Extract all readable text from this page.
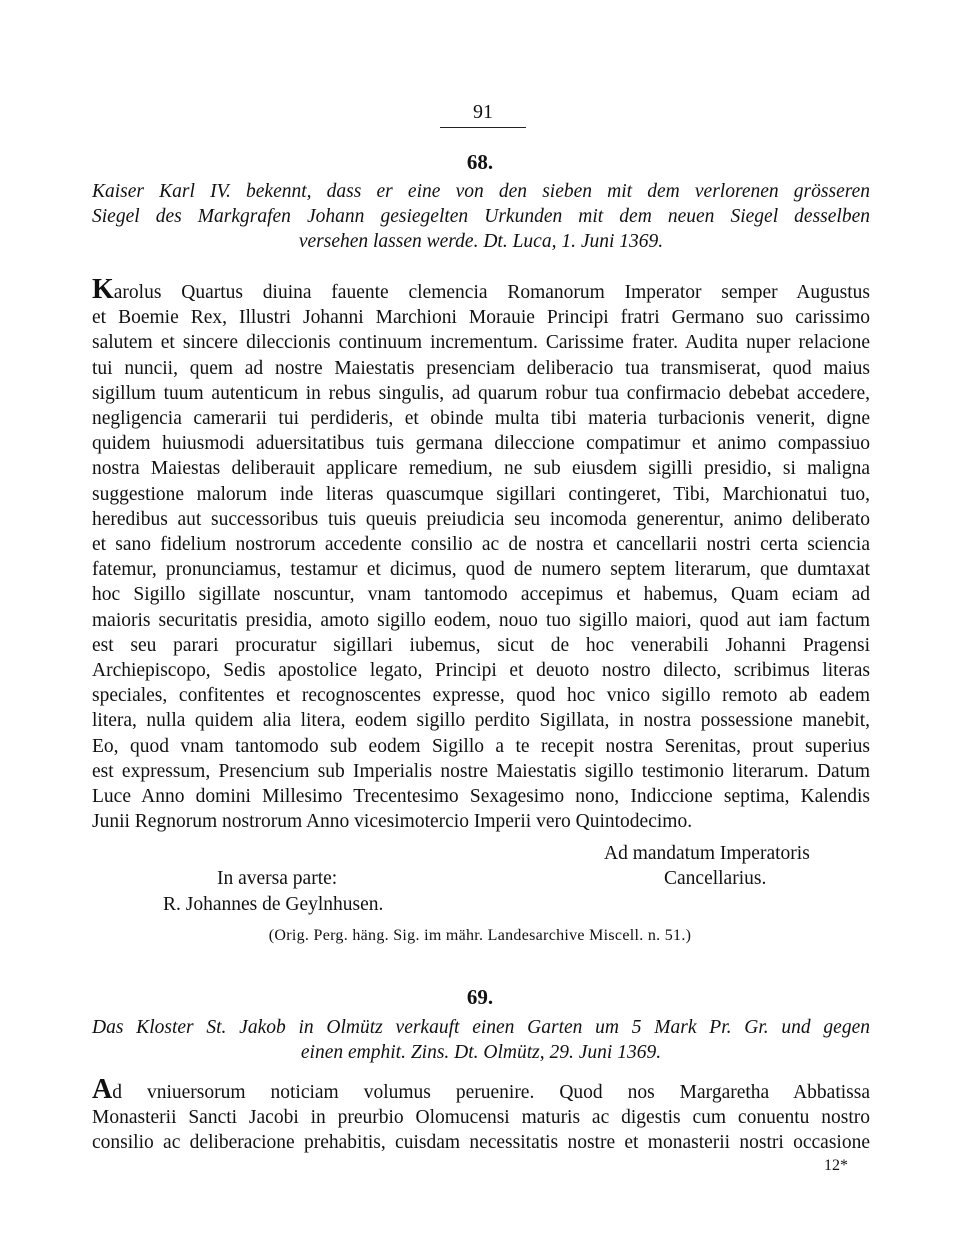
91
68.
Kaiser Karl IV. bekennt, dass er eine von den sieben mit dem verlorenen grösseren
Siegel des Markgrafen Johann gesiegelten Urkunden mit dem neuen Siegel desselben
versehen lassen werde. Dt. Luca, 1. Juni 1369.
Karolus Quartus diuina fauente clemencia Romanorum Imperator semper Augustus
et Boemie Rex, Illustri Johanni Marchioni Morauie Principi fratri Germano suo carissimo
salutem et sincere dileccionis continuum incrementum. Carissime frater. Audita nuper relacione
tui nuncii, quem ad nostre Maiestatis presenciam deliberacio tua transmiserat, quod maius
sigillum tuum autenticum in rebus singulis, ad quarum robur tua confirmacio debebat accedere,
negligencia camerarii tui perdideris, et obinde multa tibi materia turbacionis venerit, digne
quidem huiusmodi aduersitatibus tuis germana dileccione compatimur et animo compassiuo
nostra Maiestas deliberauit applicare remedium, ne sub eiusdem sigilli presidio, si maligna
suggestione malorum inde literas quascumque sigillari contingeret, Tibi, Marchionatui tuo,
heredibus aut successoribus tuis queuis preiudicia seu incomoda generentur, animo deliberato
et sano fidelium nostrorum accedente consilio ac de nostra et cancellarii nostri certa sciencia
fatemur, pronunciamus, testamur et dicimus, quod de numero septem literarum, que dumtaxat
hoc Sigillo sigillate noscuntur, vnam tantomodo accepimus et habemus, Quam eciam ad
maioris securitatis presidia, amoto sigillo eodem, nouo tuo sigillo maiori, quod aut iam factum
est seu parari procuratur sigillari iubemus, sicut de hoc venerabili Johanni Pragensi
Archiepiscopo, Sedis apostolice legato, Principi et deuoto nostro dilecto, scribimus literas
speciales, confitentes et recognoscentes expresse, quod hoc vnico sigillo remoto ab eadem
litera, nulla quidem alia litera, eodem sigillo perdito Sigillata, in nostra possessione manebit,
Eo, quod vnam tantomodo sub eodem Sigillo a te recepit nostra Serenitas, prout superius
est expressum, Presencium sub Imperialis nostre Maiestatis sigillo testimonio literarum. Datum
Luce Anno domini Millesimo Trecentesimo Sexagesimo nono, Indiccione septima, Kalendis
Junii Regnorum nostrorum Anno vicesimotercio Imperii vero Quintodecimo.
Ad mandatum Imperatoris
In aversa parte:	Cancellarius.
R. Johannes de Geylnhusen.
(Orig. Perg. häng. Sig. im mähr. Landesarchive Miscell. n. 51.)
69.
Das Kloster St. Jakob in Olmütz verkauft einen Garten um 5 Mark Pr. Gr. und gegen
einen emphit. Zins. Dt. Olmütz, 29. Juni 1369.
Ad vniuersorum noticiam volumus peruenire. Quod nos Margaretha Abbatissa
Monasterii Sancti Jacobi in preurbio Olomucensi maturis ac digestis cum conuentu nostro
consilio ac deliberacione prehabitis, cuisdam necessitatis nostre et monasterii nostri occasione
12*
